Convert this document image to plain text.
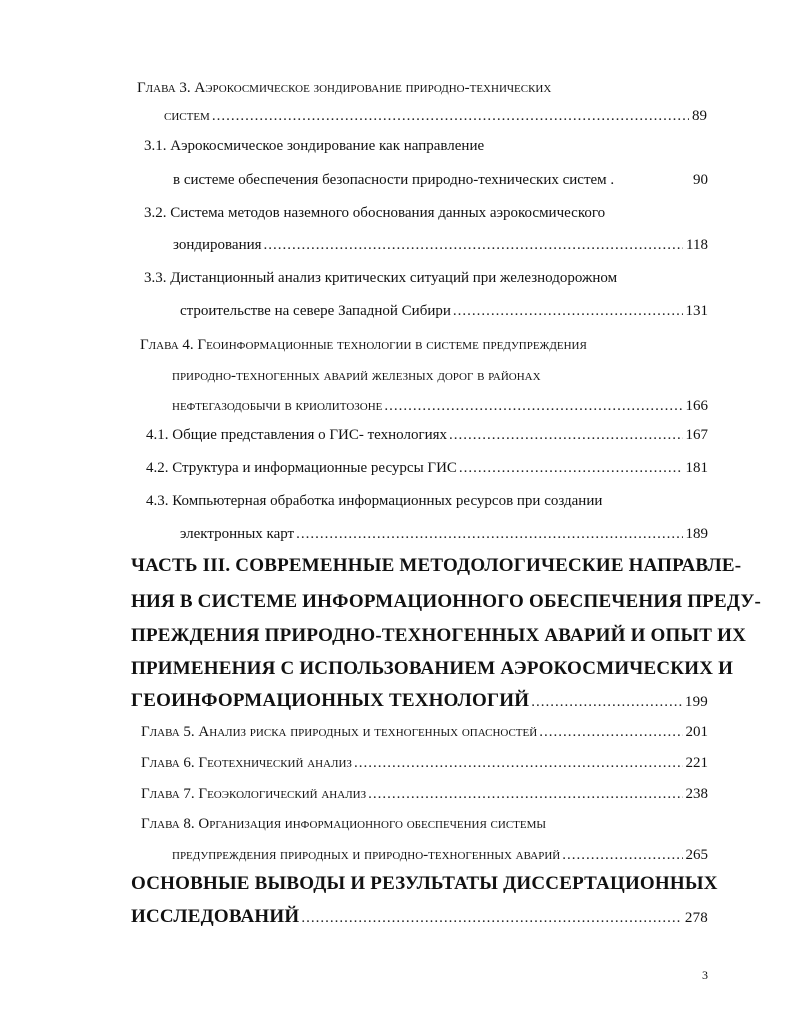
Глава 3. Аэрокосмическое зондирование природно-технических
систем .....	89
3.1. Аэрокосмическое зондирование как направление
в системе обеспечения безопасности природно-технических систем .	90
3.2. Система методов наземного обоснования данных аэрокосмического
зондирования .....	118
3.3. Дистанционный анализ критических ситуаций при железнодорожном
строительстве на севере Западной Сибири .....	131
Глава 4. Геоинформационные технологии в системе предупреждения
природно-техногенных аварий железных дорог в районах
нефтегазодобычи в криолитозоне .....	166
4.1. Общие представления о ГИС- технологиях .....	167
4.2. Структура и информационные ресурсы ГИС .....	181
4.3. Компьютерная обработка информационных ресурсов при создании
электронных карт .....	189
ЧАСТЬ III. СОВРЕМЕННЫЕ МЕТОДОЛОГИЧЕСКИЕ НАПРАВЛЕ-
НИЯ В СИСТЕМЕ ИНФОРМАЦИОННОГО ОБЕСПЕЧЕНИЯ ПРЕДУ-
ПРЕЖДЕНИЯ ПРИРОДНО-ТЕХНОГЕННЫХ АВАРИЙ И ОПЫТ ИХ
ПРИМЕНЕНИЯ С ИСПОЛЬЗОВАНИЕМ АЭРОКОСМИЧЕСКИХ И
ГЕОИНФОРМАЦИОННЫХ ТЕХНОЛОГИЙ .....	199
Глава 5. Анализ риска природных и техногенных опасностей .....	201
Глава 6. Геотехнический анализ .....	221
Глава 7. Геоэкологический анализ .....	238
Глава 8. Организация информационного обеспечения системы
предупреждения природных и природно-техногенных аварий .....	265
ОСНОВНЫЕ ВЫВОДЫ И РЕЗУЛЬТАТЫ ДИССЕРТАЦИОННЫХ
ИССЛЕДОВАНИЙ .....	278
3
